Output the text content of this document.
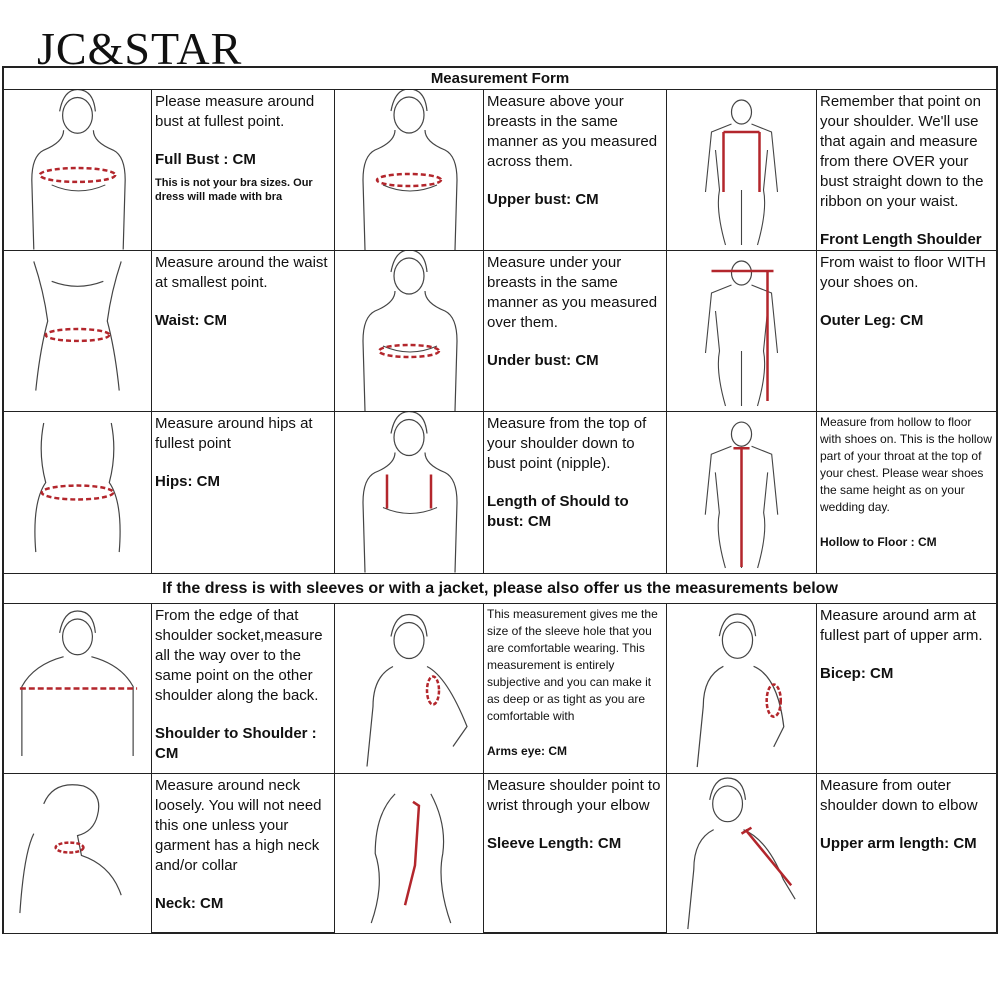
JC&STAR
Measurement Form
Please measure around bust at fullest point.
Full Bust : CM
This is not your bra sizes. Our dress will made with bra
Measure above your breasts in the same manner as you measured across them.
Upper bust: CM
Remember that point on your shoulder. We'll use that again and measure from there OVER your bust straight down to the ribbon on your waist.
Front Length Shoulder
Measure around the waist at smallest point.
Waist: CM
Measure under your breasts in the same manner as you measured over them.
Under bust: CM
From waist to floor WITH your shoes on.
Outer Leg: CM
Measure around hips at fullest point
Hips: CM
Measure from the top of your shoulder down to bust point (nipple).
Length of Should to bust: CM
Measure from hollow to floor with shoes on. This is the hollow part of your throat at the top of your chest. Please wear shoes the same height as on your wedding day.
Hollow to Floor : CM
If the dress is with sleeves or with a jacket, please also offer us the measurements below
From the edge of that shoulder socket,measure all the way over to the same point on the other shoulder along the back.
Shoulder to Shoulder : CM
This measurement gives me the size of the sleeve hole that you are comfortable wearing. This measurement is entirely subjective and you can make it as deep or as tight as you are comfortable with
Arms eye: CM
Measure around arm at fullest part of upper arm.
Bicep: CM
Measure around neck loosely. You will not need this one unless your garment has a high neck and/or collar
Neck: CM
Measure shoulder point to wrist through your elbow
Sleeve Length: CM
Measure from outer shoulder down to elbow
Upper arm length: CM
